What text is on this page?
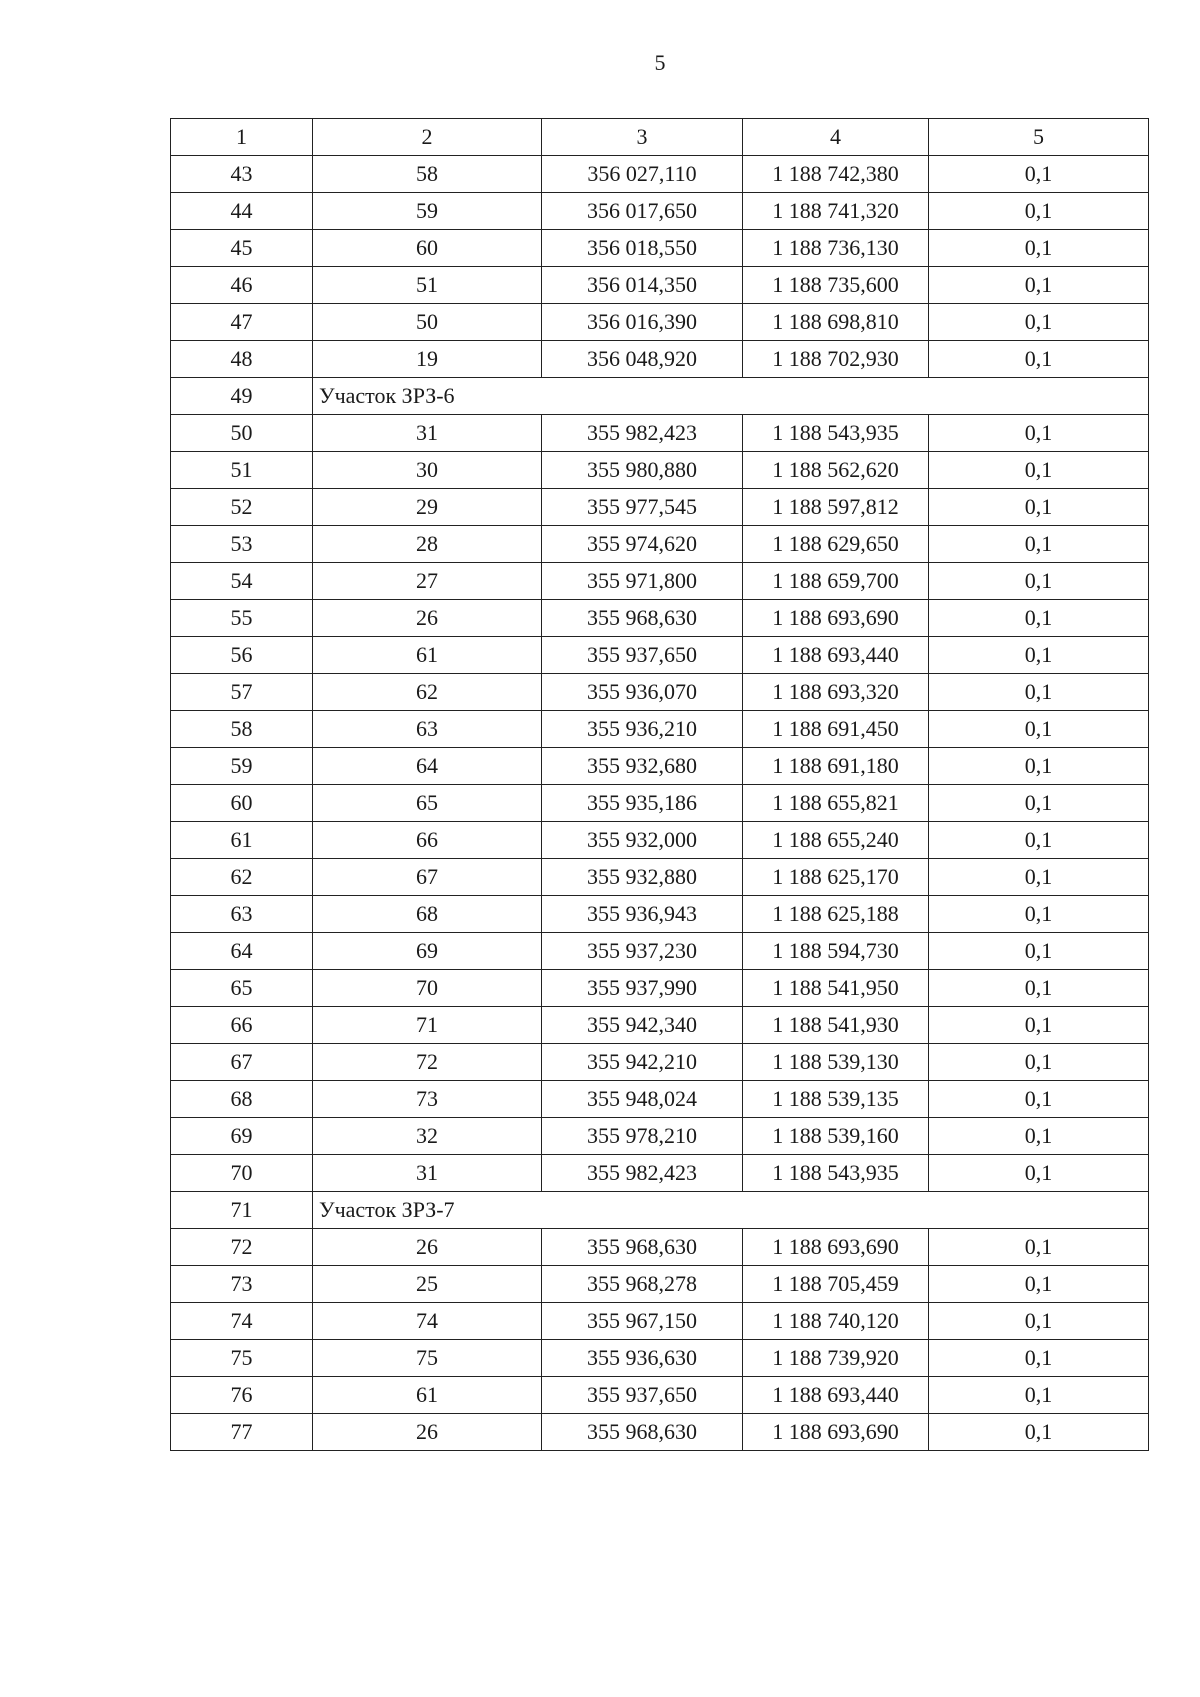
5
1	2	3	4	5
43	58	356 027,110	1 188 742,380	0,1
44	59	356 017,650	1 188 741,320	0,1
45	60	356 018,550	1 188 736,130	0,1
46	51	356 014,350	1 188 735,600	0,1
47	50	356 016,390	1 188 698,810	0,1
48	19	356 048,920	1 188 702,930	0,1
49	Участок ЗРЗ-6			
50	31	355 982,423	1 188 543,935	0,1
51	30	355 980,880	1 188 562,620	0,1
52	29	355 977,545	1 188 597,812	0,1
53	28	355 974,620	1 188 629,650	0,1
54	27	355 971,800	1 188 659,700	0,1
55	26	355 968,630	1 188 693,690	0,1
56	61	355 937,650	1 188 693,440	0,1
57	62	355 936,070	1 188 693,320	0,1
58	63	355 936,210	1 188 691,450	0,1
59	64	355 932,680	1 188 691,180	0,1
60	65	355 935,186	1 188 655,821	0,1
61	66	355 932,000	1 188 655,240	0,1
62	67	355 932,880	1 188 625,170	0,1
63	68	355 936,943	1 188 625,188	0,1
64	69	355 937,230	1 188 594,730	0,1
65	70	355 937,990	1 188 541,950	0,1
66	71	355 942,340	1 188 541,930	0,1
67	72	355 942,210	1 188 539,130	0,1
68	73	355 948,024	1 188 539,135	0,1
69	32	355 978,210	1 188 539,160	0,1
70	31	355 982,423	1 188 543,935	0,1
71	Участок ЗРЗ-7			
72	26	355 968,630	1 188 693,690	0,1
73	25	355 968,278	1 188 705,459	0,1
74	74	355 967,150	1 188 740,120	0,1
75	75	355 936,630	1 188 739,920	0,1
76	61	355 937,650	1 188 693,440	0,1
77	26	355 968,630	1 188 693,690	0,1
